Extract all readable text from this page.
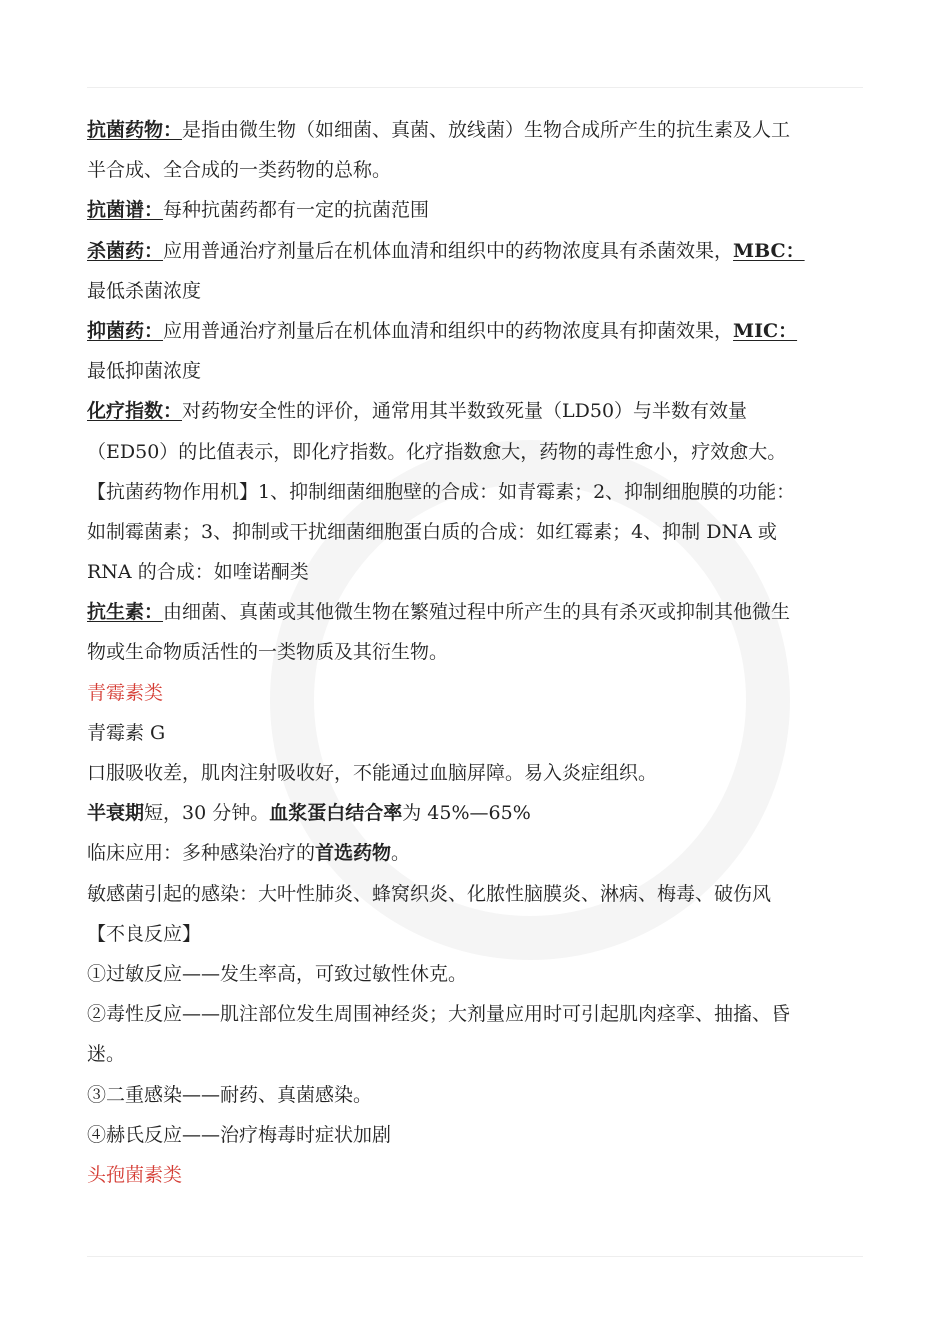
抗菌药物：是指由微生物（如细菌、真菌、放线菌）生物合成所产生的抗生素及人工
半合成、全合成的一类药物的总称。
抗菌谱：每种抗菌药都有一定的抗菌范围
杀菌药：应用普通治疗剂量后在机体血清和组织中的药物浓度具有杀菌效果，MBC：
最低杀菌浓度
抑菌药：应用普通治疗剂量后在机体血清和组织中的药物浓度具有抑菌效果，MIC：
最低抑菌浓度
化疗指数：对药物安全性的评价，通常用其半数致死量（LD50）与半数有效量
（ED50）的比值表示，即化疗指数。化疗指数愈大，药物的毒性愈小，疗效愈大。
【抗菌药物作用机】1、抑制细菌细胞壁的合成：如青霉素；2、抑制细胞膜的功能：
如制霉菌素；3、抑制或干扰细菌细胞蛋白质的合成：如红霉素；4、抑制 DNA 或
RNA 的合成：如喹诺酮类
抗生素：由细菌、真菌或其他微生物在繁殖过程中所产生的具有杀灭或抑制其他微生
物或生命物质活性的一类物质及其衍生物。
青霉素类
青霉素 G
口服吸收差，肌肉注射吸收好，不能通过血脑屏障。易入炎症组织。
半衰期短，30 分钟。血浆蛋白结合率为 45%—65%
临床应用：多种感染治疗的首选药物。
敏感菌引起的感染：大叶性肺炎、蜂窝织炎、化脓性脑膜炎、淋病、梅毒、破伤风
【不良反应】
①过敏反应——发生率高，可致过敏性休克。
②毒性反应——肌注部位发生周围神经炎；大剂量应用时可引起肌肉痉挛、抽搐、昏
迷。
③二重感染——耐药、真菌感染。
④赫氏反应——治疗梅毒时症状加剧
头孢菌素类
